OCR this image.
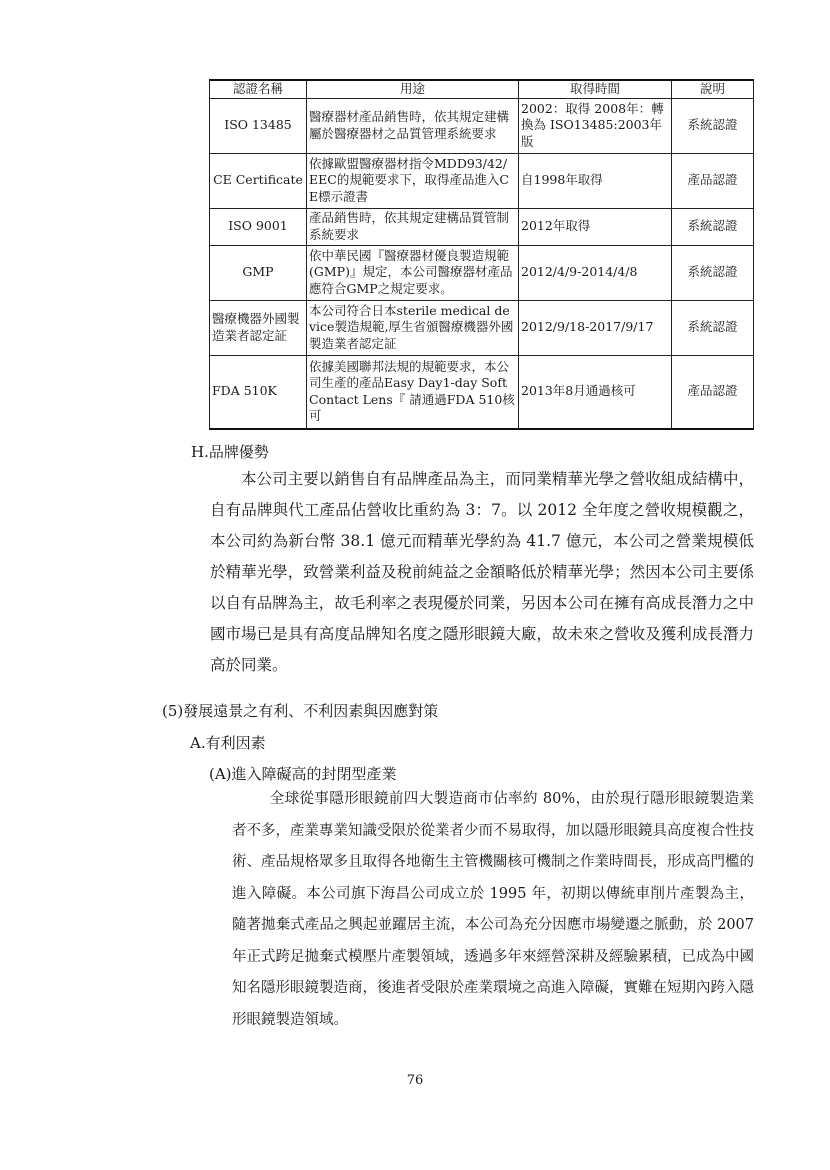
認證名稱	用途	取得時間	說明
ISO 13485	醫療器材產品銷售時，依其規定建構屬於醫療器材之品質管理系統要求	2002：取得 2008年：轉換為 ISO13485:2003年版	系統認證
CE Certificate	依據歐盟醫療器材指令MDD93/42/EEC的規範要求下，取得產品進入CE標示證書	自1998年取得	產品認證
ISO 9001	產品銷售時，依其規定建構品質管制系統要求	2012年取得	系統認證
GMP	依中華民國『醫療器材優良製造規範(GMP)』規定，本公司醫療器材產品應符合GMP之規定要求。	2012/4/9-2014/4/8	系統認證
醫療機器外國製造業者認定証	本公司符合日本sterile medical device製造規範,厚生省頒醫療機器外國製造業者認定証	2012/9/18-2017/9/17	系統認證
FDA 510K	依據美國聯邦法規的規範要求，本公司生產的產品Easy Day1-day Soft Contact Lens『 請通過FDA 510核可	2013年8月通過核可	產品認證
H.品牌優勢
本公司主要以銷售自有品牌產品為主，而同業精華光學之營收組成結構中，自有品牌與代工產品佔營收比重約為 3：7。以 2012 全年度之營收規模觀之，本公司約為新台幣 38.1 億元而精華光學約為 41.7 億元，本公司之營業規模低於精華光學，致營業利益及稅前純益之金額略低於精華光學；然因本公司主要係以自有品牌為主，故毛利率之表現優於同業，另因本公司在擁有高成長潛力之中國市場已是具有高度品牌知名度之隱形眼鏡大廠，故未來之營收及獲利成長潛力高於同業。
(5)發展遠景之有利、不利因素與因應對策
A.有利因素
(A)進入障礙高的封閉型產業
全球從事隱形眼鏡前四大製造商市佔率約 80%，由於現行隱形眼鏡製造業者不多，產業專業知識受限於從業者少而不易取得，加以隱形眼鏡具高度複合性技術、產品規格眾多且取得各地衛生主管機關核可機制之作業時間長，形成高門檻的進入障礙。本公司旗下海昌公司成立於 1995 年，初期以傳統車削片產製為主，隨著拋棄式產品之興起並躍居主流，本公司為充分因應市場變遷之脈動，於 2007 年正式跨足拋棄式模壓片產製領域，透過多年來經營深耕及經驗累積，已成為中國知名隱形眼鏡製造商，後進者受限於產業環境之高進入障礙，實難在短期內跨入隱形眼鏡製造領域。
76
